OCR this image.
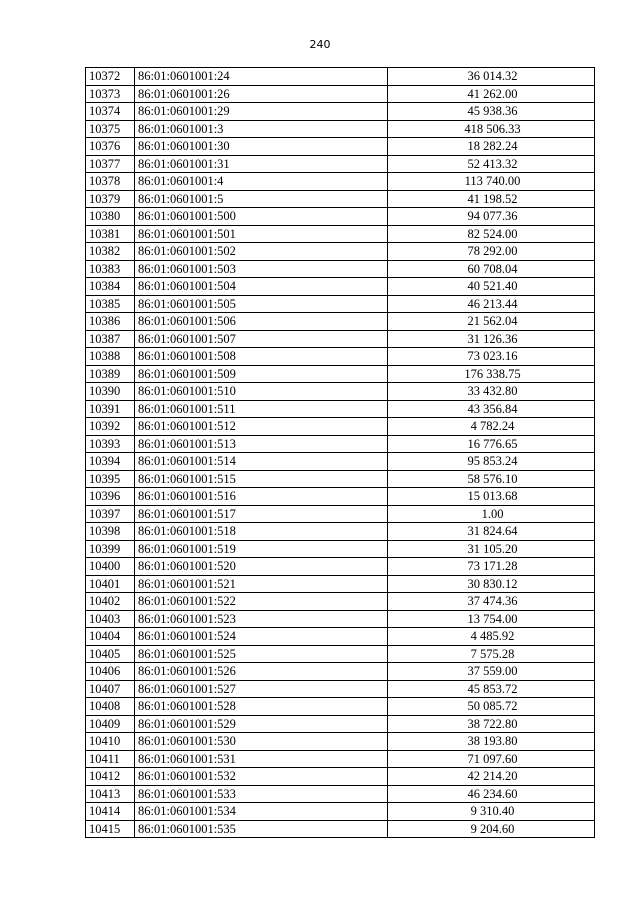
240
10372	86:01:0601001:24	36 014.32
10373	86:01:0601001:26	41 262.00
10374	86:01:0601001:29	45 938.36
10375	86:01:0601001:3	418 506.33
10376	86:01:0601001:30	18 282.24
10377	86:01:0601001:31	52 413.32
10378	86:01:0601001:4	113 740.00
10379	86:01:0601001:5	41 198.52
10380	86:01:0601001:500	94 077.36
10381	86:01:0601001:501	82 524.00
10382	86:01:0601001:502	78 292.00
10383	86:01:0601001:503	60 708.04
10384	86:01:0601001:504	40 521.40
10385	86:01:0601001:505	46 213.44
10386	86:01:0601001:506	21 562.04
10387	86:01:0601001:507	31 126.36
10388	86:01:0601001:508	73 023.16
10389	86:01:0601001:509	176 338.75
10390	86:01:0601001:510	33 432.80
10391	86:01:0601001:511	43 356.84
10392	86:01:0601001:512	4 782.24
10393	86:01:0601001:513	16 776.65
10394	86:01:0601001:514	95 853.24
10395	86:01:0601001:515	58 576.10
10396	86:01:0601001:516	15 013.68
10397	86:01:0601001:517	1.00
10398	86:01:0601001:518	31 824.64
10399	86:01:0601001:519	31 105.20
10400	86:01:0601001:520	73 171.28
10401	86:01:0601001:521	30 830.12
10402	86:01:0601001:522	37 474.36
10403	86:01:0601001:523	13 754.00
10404	86:01:0601001:524	4 485.92
10405	86:01:0601001:525	7 575.28
10406	86:01:0601001:526	37 559.00
10407	86:01:0601001:527	45 853.72
10408	86:01:0601001:528	50 085.72
10409	86:01:0601001:529	38 722.80
10410	86:01:0601001:530	38 193.80
10411	86:01:0601001:531	71 097.60
10412	86:01:0601001:532	42 214.20
10413	86:01:0601001:533	46 234.60
10414	86:01:0601001:534	9 310.40
10415	86:01:0601001:535	9 204.60
